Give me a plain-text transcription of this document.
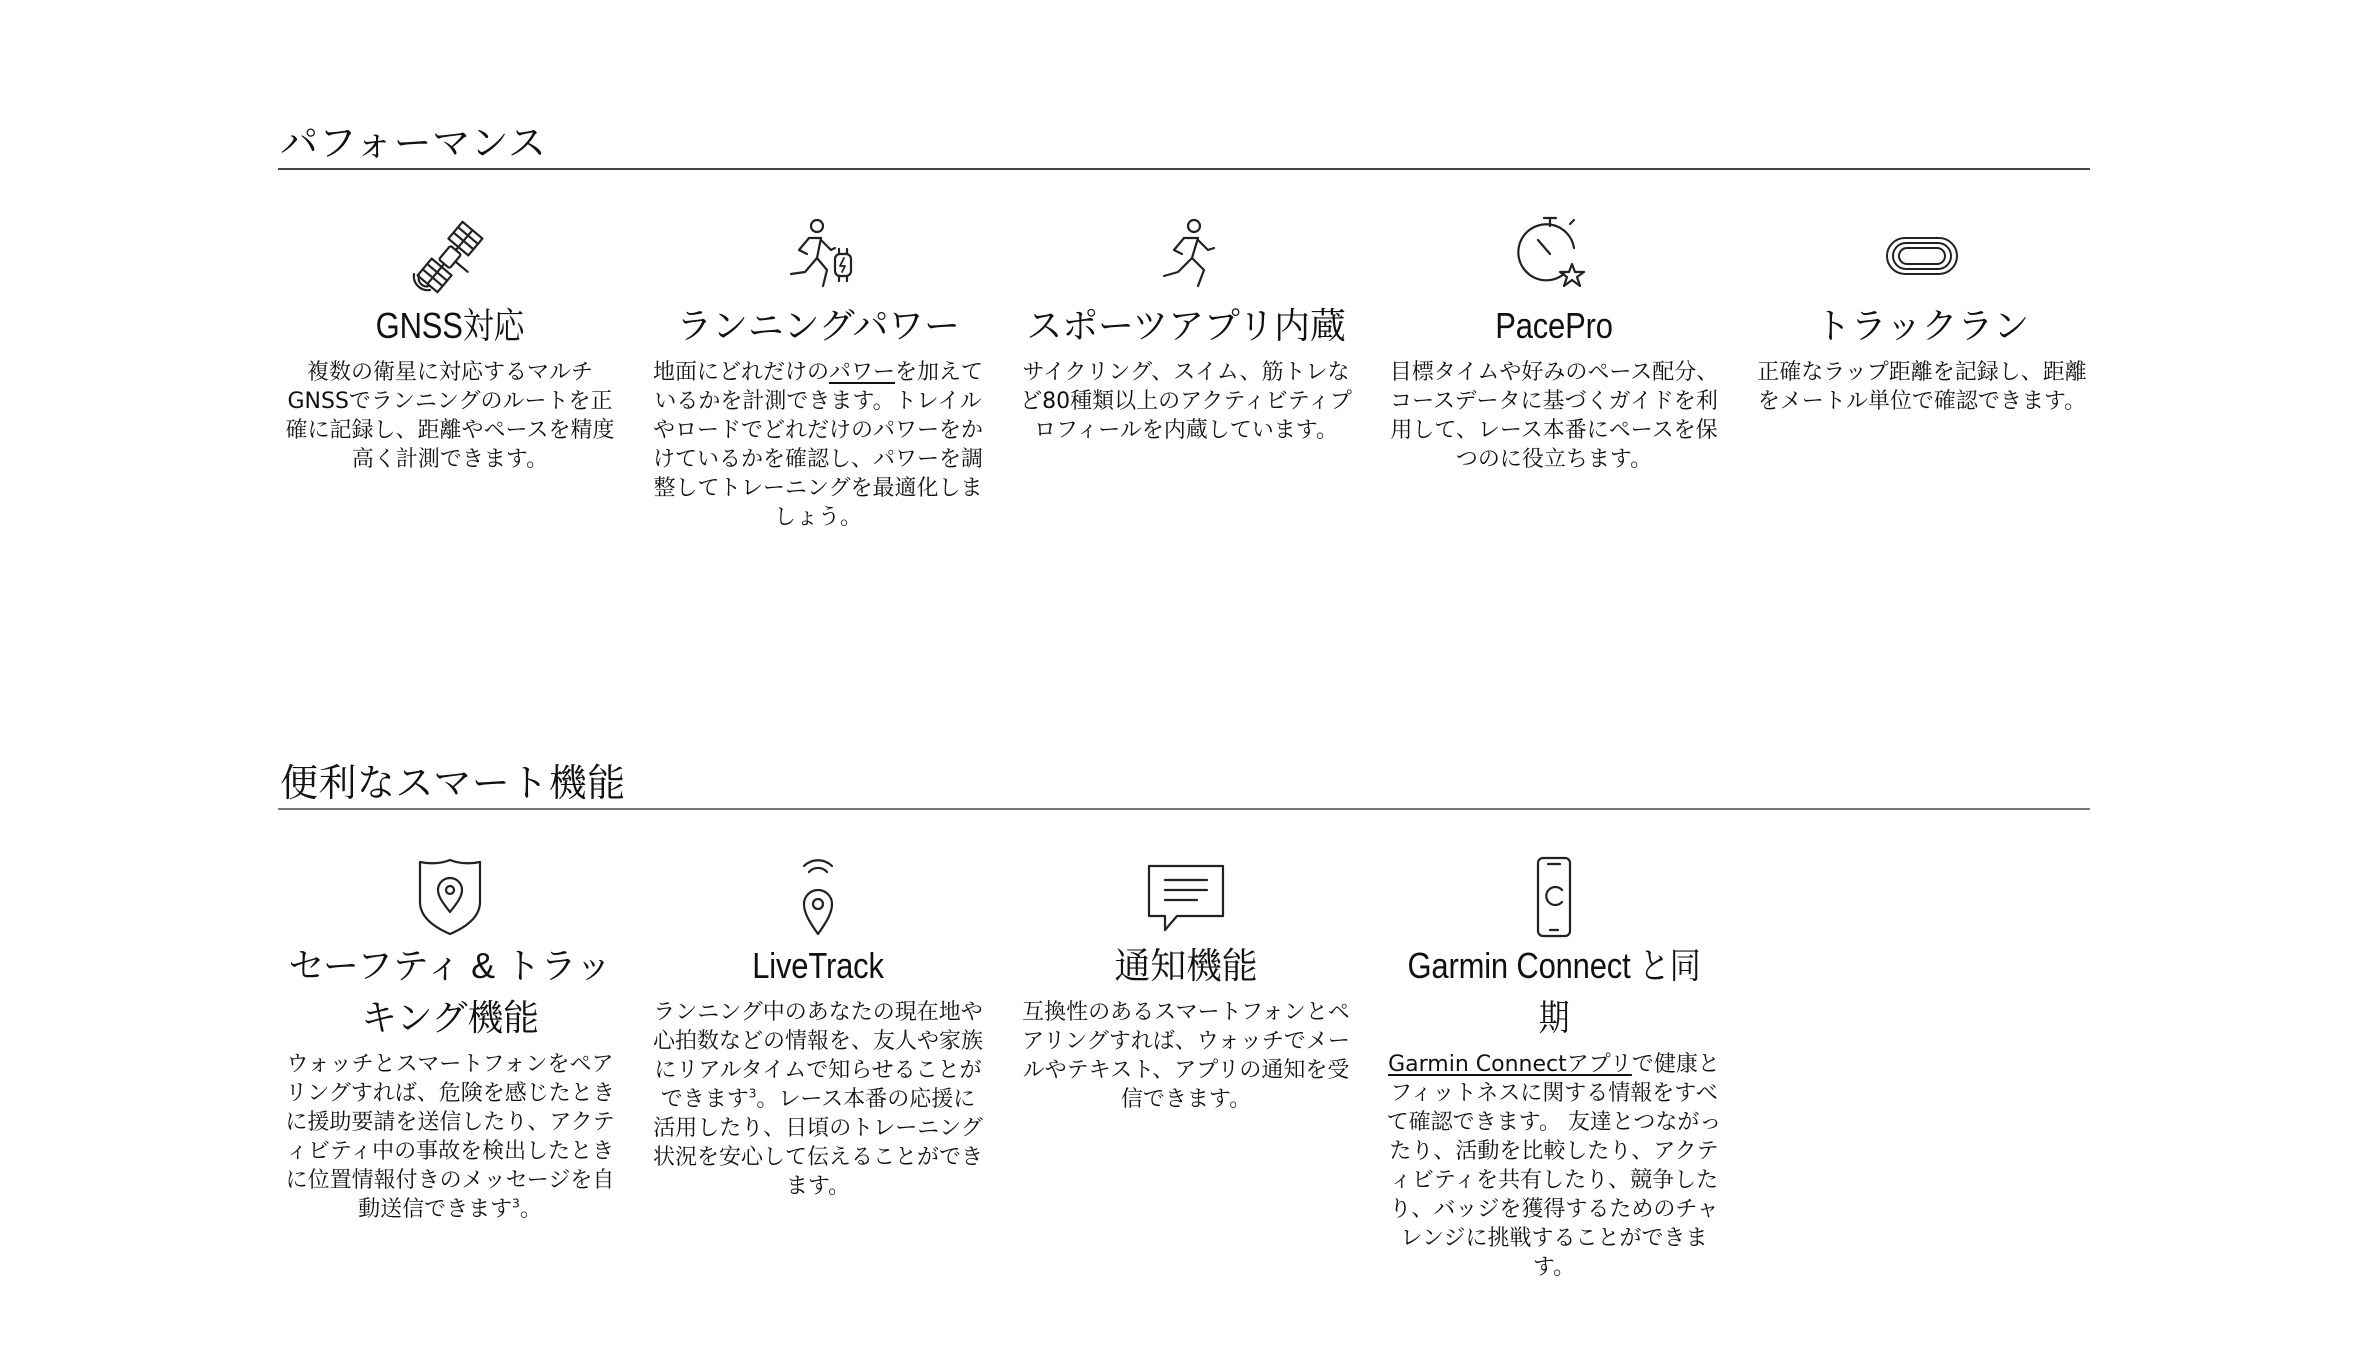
パフォーマンス
GNSS対応

複数の衛星に対応するマルチGNSSでランニングのルートを正確に記録し、距離やペースを精度高く計測できます。

ランニングパワー

地面にどれだけのパワーを加えているかを計測できます。トレイルやロードでどれだけのパワーをかけているかを確認し、パワーを調整してトレーニングを最適化しましょう。

スポーツアプリ内蔵

サイクリング、スイム、筋トレなど80種類以上のアクティビティプロフィールを内蔵しています。

PacePro

目標タイムや好みのペース配分、コースデータに基づくガイドを利用して、レース本番にペースを保つのに役立ちます。

トラックラン

正確なラップ距離を記録し、距離をメートル単位で確認できます。

便利なスマート機能
セーフティ & トラッキング機能

ウォッチとスマートフォンをペアリングすれば、危険を感じたときに援助要請を送信したり、アクティビティ中の事故を検出したときに位置情報付きのメッセージを自動送信できます$^3$。

LiveTrack

ランニング中のあなたの現在地や心拍数などの情報を、友人や家族にリアルタイムで知らせることができます$^3$。レース本番の応援に活用したり、日頃のトレーニング状況を安心して伝えることができます。

通知機能

互換性のあるスマートフォンとペアリングすれば、ウォッチでメールやテキスト、アプリの通知を受信できます。

Garmin Connect と同期

Garmin Connectアプリで健康とフィットネスに関する情報をすべて確認できます。 友達とつながったり、活動を比較したり、アクティビティを共有したり、競争したり、バッジを獲得するためのチャレンジに挑戦することができます。
